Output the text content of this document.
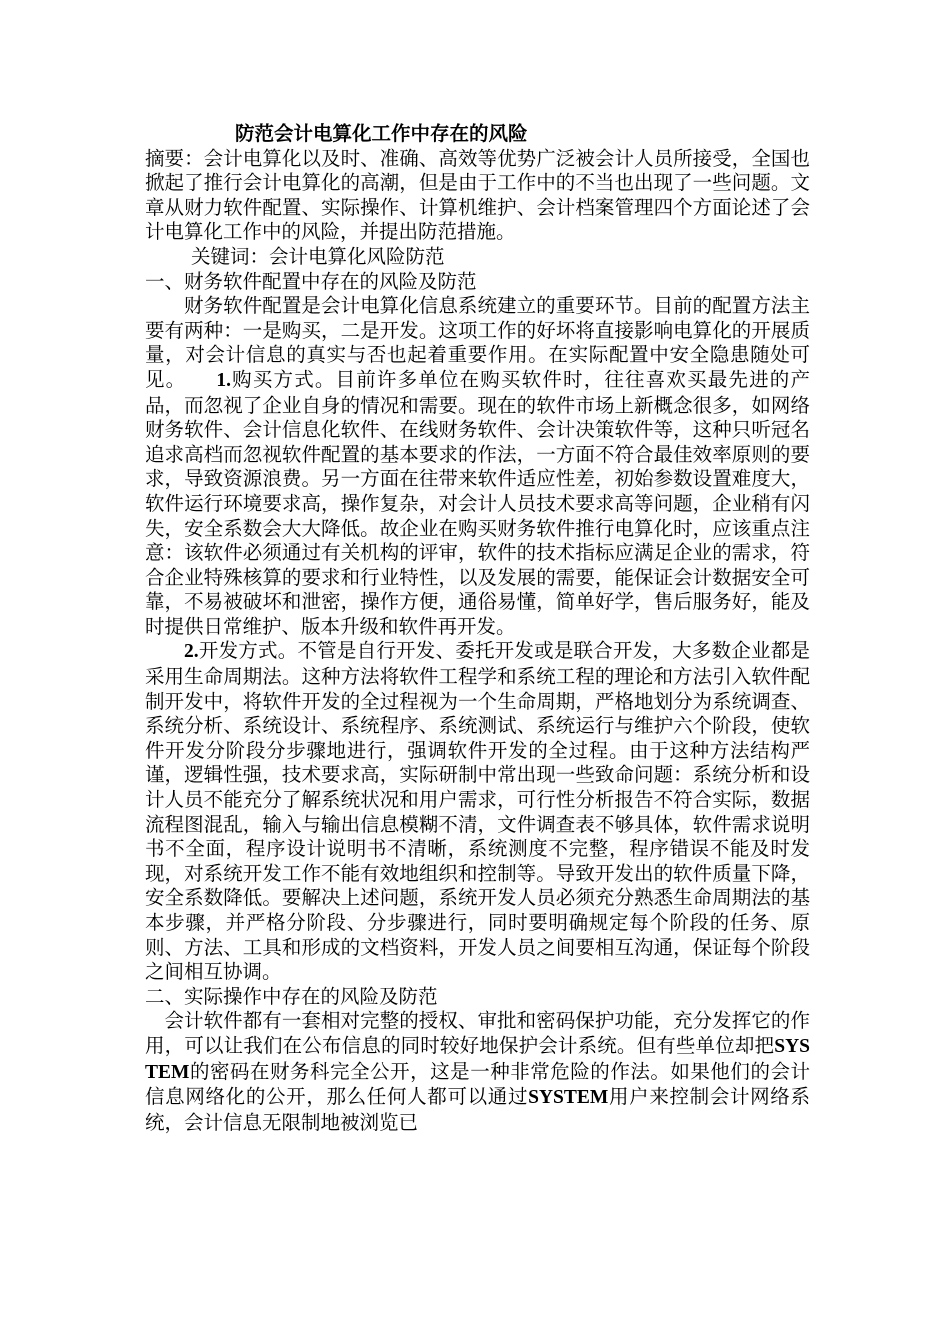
防范会计电算化工作中存在的风险

摘要：会计电算化以及时、准确、高效等优势广泛被会计人员所接受，全国也掀起了推行会计电算化的高潮，但是由于工作中的不当也出现了一些问题。文章从财力软件配置、实际操作、计算机维护、会计档案管理四个方面论述了会计电算化工作中的风险，并提出防范措施。

关键词：会计电算化风险防范

一、财务软件配置中存在的风险及防范

财务软件配置是会计电算化信息系统建立的重要环节。目前的配置方法主要有两种：一是购买，二是开发。这项工作的好坏将直接影响电算化的开展质量，对会计信息的真实与否也起着重要作用。在实际配置中安全隐患随处可见。 1.购买方式。目前许多单位在购买软件时，往往喜欢买最先进的产品，而忽视了企业自身的情况和需要。现在的软件市场上新概念很多，如网络财务软件、会计信息化软件、在线财务软件、会计决策软件等，这种只听冠名追求高档而忽视软件配置的基本要求的作法，一方面不符合最佳效率原则的要求，导致资源浪费。另一方面在往带来软件适应性差，初始参数设置难度大，软件运行环境要求高，操作复杂，对会计人员技术要求高等问题，企业稍有闪失，安全系数会大大降低。故企业在购买财务软件推行电算化时，应该重点注意：该软件必须通过有关机构的评审，软件的技术指标应满足企业的需求，符合企业特殊核算的要求和行业特性，以及发展的需要，能保证会计数据安全可靠，不易被破坏和泄密，操作方便，通俗易懂，简单好学，售后服务好，能及时提供日常维护、版本升级和软件再开发。

2.开发方式。不管是自行开发、委托开发或是联合开发，大多数企业都是采用生命周期法。这种方法将软件工程学和系统工程的理论和方法引入软件配制开发中，将软件开发的全过程视为一个生命周期，严格地划分为系统调查、系统分析、系统设计、系统程序、系统测试、系统运行与维护六个阶段，使软件开发分阶段分步骤地进行，强调软件开发的全过程。由于这种方法结构严谨，逻辑性强，技术要求高，实际研制中常出现一些致命问题：系统分析和设计人员不能充分了解系统状况和用户需求，可行性分析报告不符合实际，数据流程图混乱，输入与输出信息模糊不清，文件调查表不够具体，软件需求说明书不全面，程序设计说明书不清晰，系统测度不完整，程序错误不能及时发现，对系统开发工作不能有效地组织和控制等。导致开发出的软件质量下降，安全系数降低。要解决上述问题，系统开发人员必须充分熟悉生命周期法的基本步骤，并严格分阶段、分步骤进行，同时要明确规定每个阶段的任务、原则、方法、工具和形成的文档资料，开发人员之间要相互沟通，保证每个阶段之间相互协调。

二、实际操作中存在的风险及防范

会计软件都有一套相对完整的授权、审批和密码保护功能，充分发挥它的作用，可以让我们在公布信息的同时较好地保护会计系统。但有些单位却把SYSTEM的密码在财务科完全公开，这是一种非常危险的作法。如果他们的会计信息网络化的公开，那么任何人都可以通过SYSTEM用户来控制会计网络系统，会计信息无限制地被浏览已
